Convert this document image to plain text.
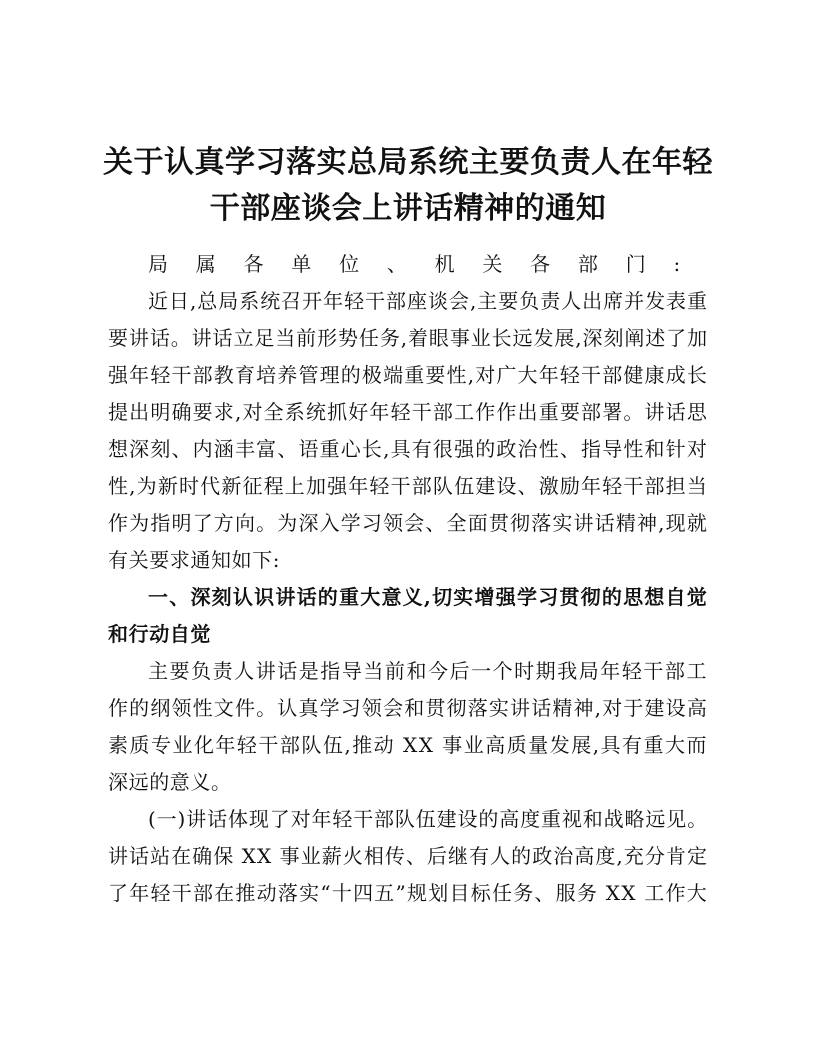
关于认真学习落实总局系统主要负责人在年轻
干部座谈会上讲话精神的通知
局属各单位、机关各部门:
近日,总局系统召开年轻干部座谈会,主要负责人出席并发表重
要讲话。讲话立足当前形势任务,着眼事业长远发展,深刻阐述了加
强年轻干部教育培养管理的极端重要性,对广大年轻干部健康成长
提出明确要求,对全系统抓好年轻干部工作作出重要部署。讲话思
想深刻、内涵丰富、语重心长,具有很强的政治性、指导性和针对
性,为新时代新征程上加强年轻干部队伍建设、激励年轻干部担当
作为指明了方向。为深入学习领会、全面贯彻落实讲话精神,现就
有关要求通知如下:
一、深刻认识讲话的重大意义,切实增强学习贯彻的思想自觉
和行动自觉
主要负责人讲话是指导当前和今后一个时期我局年轻干部工
作的纲领性文件。认真学习领会和贯彻落实讲话精神,对于建设高
素质专业化年轻干部队伍,推动 XX 事业高质量发展,具有重大而
深远的意义。
(一)讲话体现了对年轻干部队伍建设的高度重视和战略远见。
讲话站在确保 XX 事业薪火相传、后继有人的政治高度,充分肯定
了年轻干部在推动落实“十四五”规划目标任务、服务 XX 工作大
